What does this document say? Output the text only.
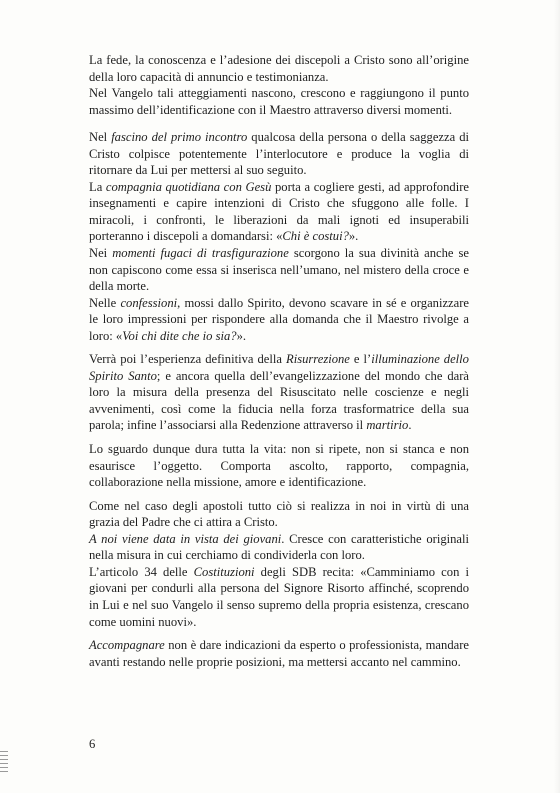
La fede, la conoscenza e l’adesione dei discepoli a Cristo sono all’origine della loro capacità di annuncio e testimonianza.

Nel Vangelo tali atteggiamenti nascono, crescono e raggiungono il punto massimo dell’identificazione con il Maestro attraverso diversi momenti.

Nel fascino del primo incontro qualcosa della persona o della saggezza di Cristo colpisce potentemente l’interlocutore e produce la voglia di ritornare da Lui per mettersi al suo seguito.

La compagnia quotidiana con Gesù porta a cogliere gesti, ad approfondire insegnamenti e capire intenzioni di Cristo che sfuggono alle folle. I miracoli, i confronti, le liberazioni da mali ignoti ed insuperabili porteranno i discepoli a domandarsi: «Chi è costui?».

Nei momenti fugaci di trasfigurazione scorgono la sua divinità anche se non capiscono come essa si inserisca nell’umano, nel mistero della croce e della morte.

Nelle confessioni, mossi dallo Spirito, devono scavare in sé e organizzare le loro impressioni per rispondere alla domanda che il Maestro rivolge a loro: «Voi chi dite che io sia?».

Verrà poi l’esperienza definitiva della Risurrezione e l’illuminazione dello Spirito Santo; e ancora quella dell’evangelizzazione del mondo che darà loro la misura della presenza del Risuscitato nelle coscienze e negli avvenimenti, così come la fiducia nella forza trasformatrice della sua parola; infine l’associarsi alla Redenzione attraverso il martirio.

Lo sguardo dunque dura tutta la vita: non si ripete, non si stanca e non esaurisce l’oggetto. Comporta ascolto, rapporto, compagnia, collaborazione nella missione, amore e identificazione.

Come nel caso degli apostoli tutto ciò si realizza in noi in virtù di una grazia del Padre che ci attira a Cristo.

A noi viene data in vista dei giovani. Cresce con caratteristiche originali nella misura in cui cerchiamo di condividerla con loro.

L’articolo 34 delle Costituzioni degli SDB recita: «Camminiamo con i giovani per condurli alla persona del Signore Risorto affinché, scoprendo in Lui e nel suo Vangelo il senso supremo della propria esistenza, crescano come uomini nuovi».

Accompagnare non è dare indicazioni da esperto o professionista, mandare avanti restando nelle proprie posizioni, ma mettersi accanto nel cammino.

6
